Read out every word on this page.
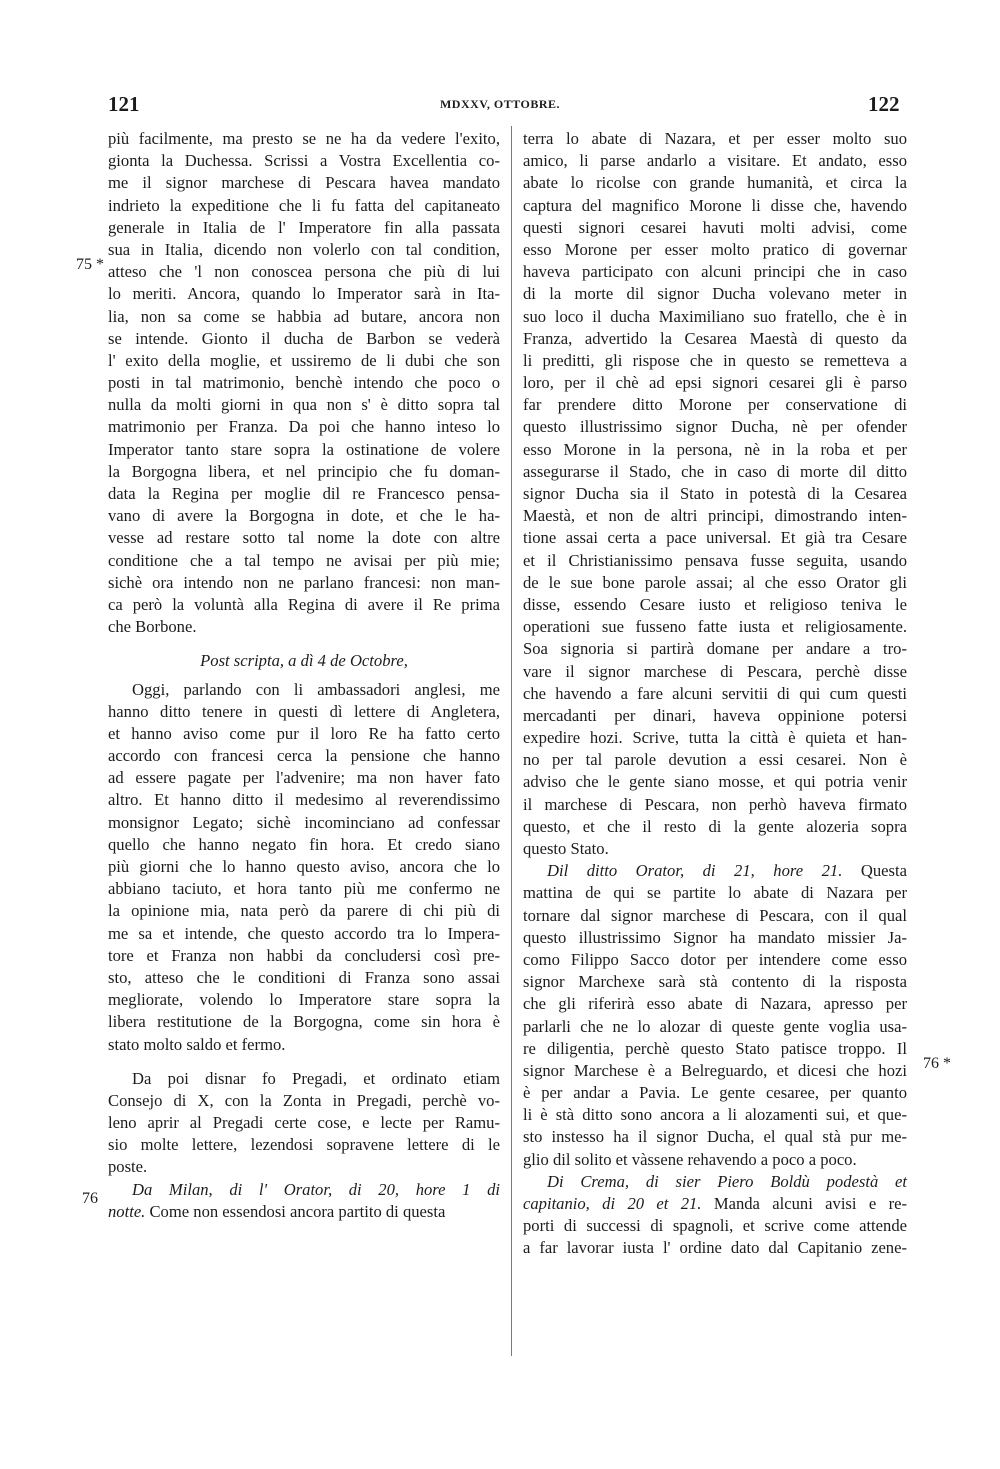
121	MDXXV, OTTOBRE.	122
75 *
76
76 *
più facilmente, ma presto se ne ha da vedere l'exito,
gionta la Duchessa. Scrissi a Vostra Excellentia co-
me il signor marchese di Pescara havea mandato
indrieto la expeditione che li fu fatta del capitaneato
generale in Italia de l' Imperatore fin alla passata
sua in Italia, dicendo non volerlo con tal condition,
atteso che 'l non conoscea persona che più di lui
lo meriti. Ancora, quando lo Imperator sarà in Ita-
lia, non sa come se habbia ad butare, ancora non
se intende. Gionto il ducha de Barbon se vederà
l' exito della moglie, et ussiremo de li dubi che son
posti in tal matrimonio, benchè intendo che poco o
nulla da molti giorni in qua non s' è ditto sopra tal
matrimonio per Franza. Da poi che hanno inteso lo
Imperator tanto stare sopra la ostinatione de volere
la Borgogna libera, et nel principio che fu doman-
data la Regina per moglie dil re Francesco pensa-
vano di avere la Borgogna in dote, et che le ha-
vesse ad restare sotto tal nome la dote con altre
conditione che a tal tempo ne avisai per più mie;
sichè ora intendo non ne parlano francesi: non man-
ca però la voluntà alla Regina di avere il Re prima
che Borbone.
Post scripta, a dì 4 de Octobre,
Oggi, parlando con li ambassadori anglesi, me
hanno ditto tenere in questi dì lettere di Angletera,
et hanno aviso come pur il loro Re ha fatto certo
accordo con francesi cerca la pensione che hanno
ad essere pagate per l'advenire; ma non haver fato
altro. Et hanno ditto il medesimo al reverendissimo
monsignor Legato; sichè incominciano ad confessar
quello che hanno negato fin hora. Et credo siano
più giorni che lo hanno questo aviso, ancora che lo
abbiano taciuto, et hora tanto più me confermo ne
la opinione mia, nata però da parere di chi più di
me sa et intende, che questo accordo tra lo Impera-
tore et Franza non habbi da concludersi così pre-
sto, atteso che le conditioni di Franza sono assai
megliorate, volendo lo Imperatore stare sopra la
libera restitutione de la Borgogna, come sin hora è
stato molto saldo et fermo.
Da poi disnar fo Pregadi, et ordinato etiam
Consejo di X, con la Zonta in Pregadi, perchè vo-
leno aprir al Pregadi certe cose, e lecte per Ramu-
sio molte lettere, lezendosi sopravene lettere di le
poste.
Da Milan, di l' Orator, di 20, hore 1 di
notte. Come non essendosi ancora partito di questa
terra lo abate di Nazara, et per esser molto suo
amico, li parse andarlo a visitare. Et andato, esso
abate lo ricolse con grande humanità, et circa la
captura del magnifico Morone li disse che, havendo
questi signori cesarei havuti molti advisi, come
esso Morone per esser molto pratico di governar
haveva participato con alcuni principi che in caso
di la morte dil signor Ducha volevano meter in
suo loco il ducha Maximiliano suo fratello, che è in
Franza, advertido la Cesarea Maestà di questo da
li preditti, gli rispose che in questo se remetteva a
loro, per il chè ad epsi signori cesarei gli è parso
far prendere ditto Morone per conservatione di
questo illustrissimo signor Ducha, nè per ofender
esso Morone in la persona, nè in la roba et per
assegurarse il Stado, che in caso di morte dil ditto
signor Ducha sia il Stato in potestà di la Cesarea
Maestà, et non de altri principi, dimostrando inten-
tione assai certa a pace universal. Et già tra Cesare
et il Christianissimo pensava fusse seguita, usando
de le sue bone parole assai; al che esso Orator gli
disse, essendo Cesare iusto et religioso teniva le
operationi sue fusseno fatte iusta et religiosamente.
Soa signoria si partirà domane per andare a tro-
vare il signor marchese di Pescara, perchè disse
che havendo a fare alcuni servitii di qui cum questi
mercadanti per dinari, haveva oppinione potersi
expedire hozi. Scrive, tutta la città è quieta et han-
no per tal parole devution a essi cesarei. Non è
adviso che le gente siano mosse, et qui potria venir
il marchese di Pescara, non perhò haveva firmato
questo, et che il resto di la gente alozeria sopra
questo Stato.
Dil ditto Orator, di 21, hore 21. Questa
mattina de qui se partite lo abate di Nazara per
tornare dal signor marchese di Pescara, con il qual
questo illustrissimo Signor ha mandato missier Ja-
como Filippo Sacco dotor per intendere come esso
signor Marchexe sarà stà contento di la risposta
che gli riferirà esso abate di Nazara, apresso per
parlarli che ne lo alozar di queste gente voglia usa-
re diligentia, perchè questo Stato patisce troppo. Il
signor Marchese è a Belreguardo, et dicesi che hozi
è per andar a Pavia. Le gente cesaree, per quanto
li è stà ditto sono ancora a li alozamenti sui, et que-
sto instesso ha il signor Ducha, el qual stà pur me-
glio dil solito et vàssene rehavendo a poco a poco.
Di Crema, di sier Piero Boldù podestà et
capitanio, di 20 et 21. Manda alcuni avisi e re-
porti di successi di spagnoli, et scrive come attende
a far lavorar iusta l' ordine dato dal Capitanio zene-
